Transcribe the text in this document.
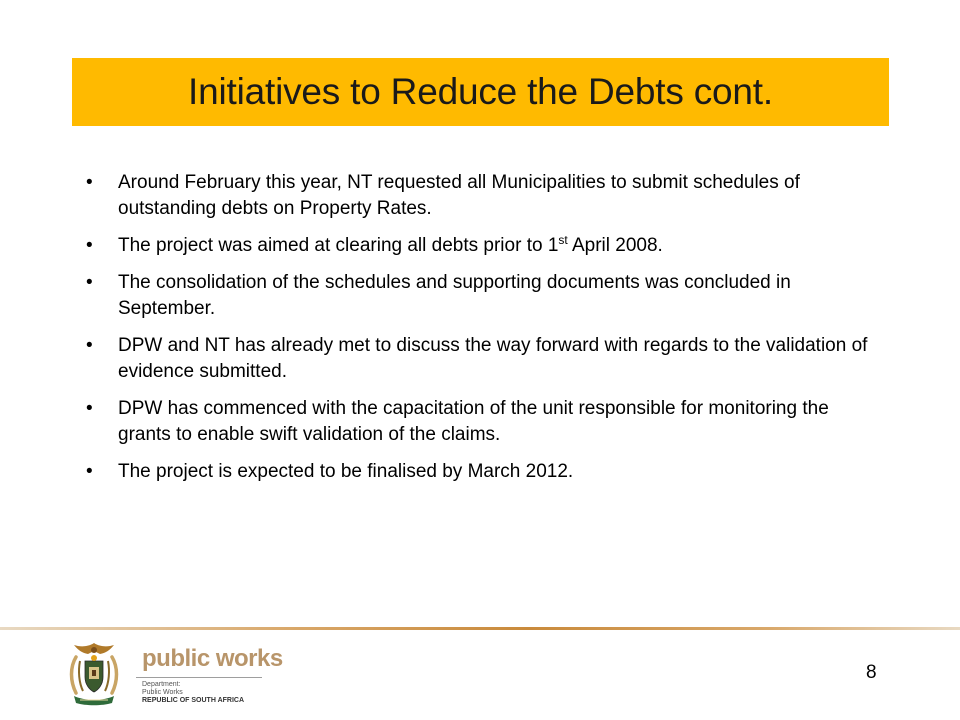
Initiatives to Reduce the Debts cont.
• Around February this year, NT requested all Municipalities to submit schedules of outstanding debts on Property Rates.
• The project was aimed at clearing all debts prior to 1st April 2008.
• The consolidation of the schedules and supporting documents was concluded in September.
• DPW and NT has already met to discuss the way forward with regards to the validation of evidence submitted.
• DPW has commenced with the capacitation of the unit responsible for monitoring the grants to enable swift validation of the claims.
• The project is expected to be finalised by March 2012.
public works
Department:
Public Works
REPUBLIC OF SOUTH AFRICA
8
